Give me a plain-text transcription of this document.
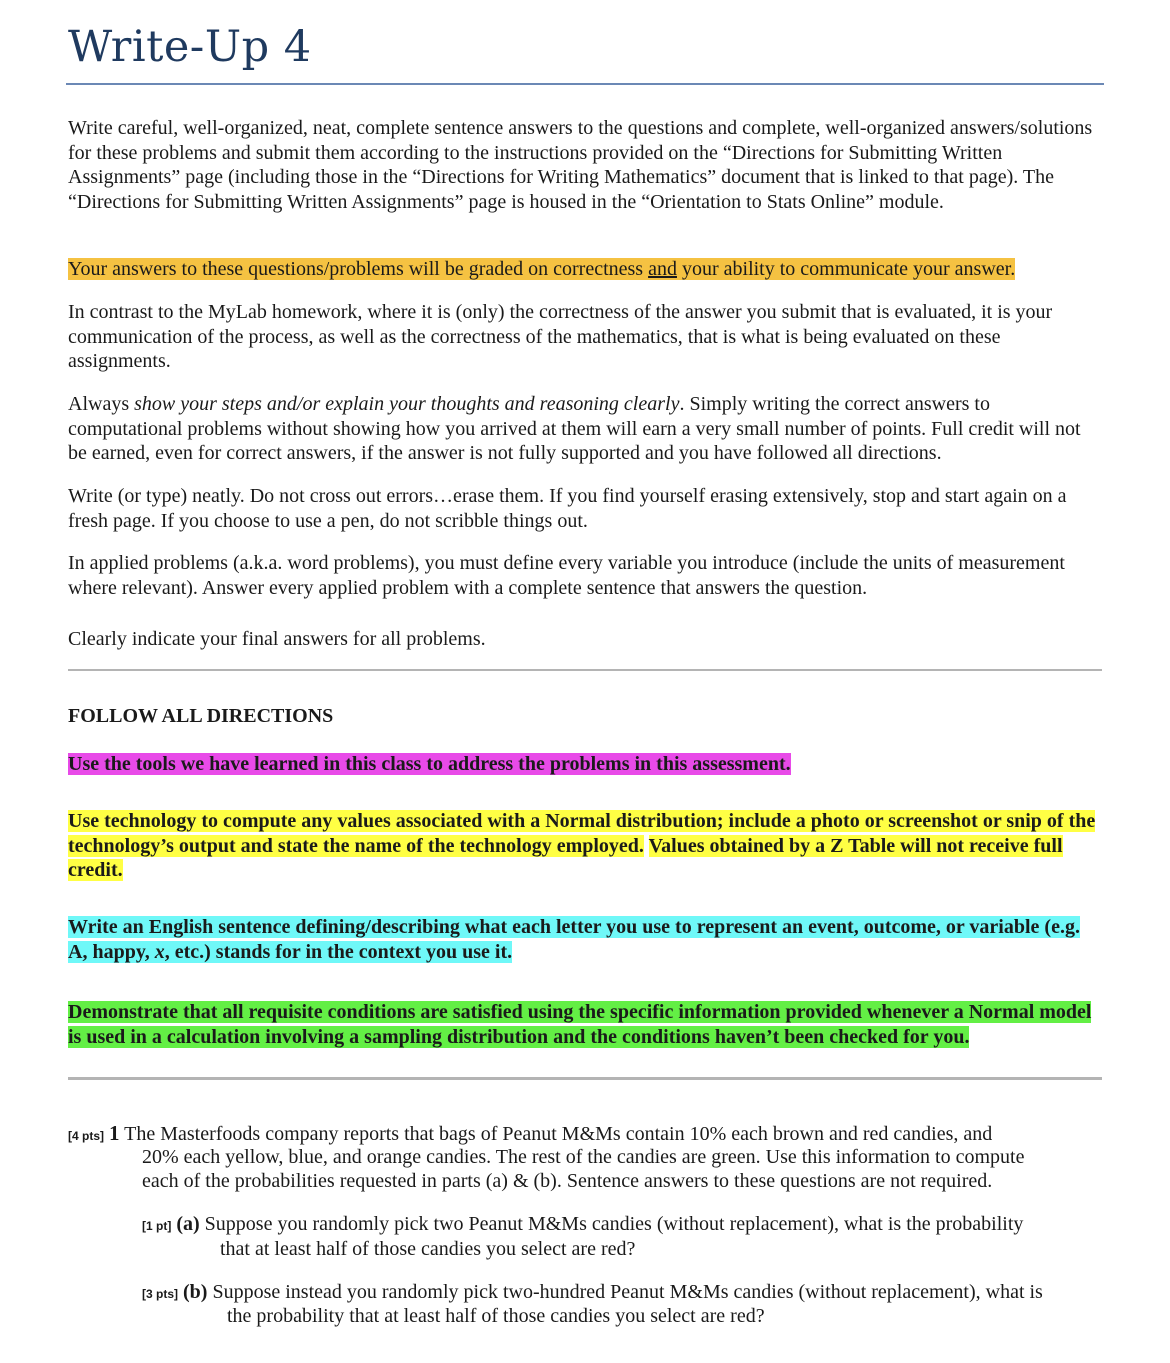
Write-Up 4

Write careful, well-organized, neat, complete sentence answers to the questions and complete, well-organized answers/solutions for these problems and submit them according to the instructions provided on the “Directions for Submitting Written Assignments” page (including those in the “Directions for Writing Mathematics” document that is linked to that page). The “Directions for Submitting Written Assignments” page is housed in the “Orientation to Stats Online” module.

Your answers to these questions/problems will be graded on correctness and your ability to communicate your answer.

In contrast to the MyLab homework, where it is (only) the correctness of the answer you submit that is evaluated, it is your communication of the process, as well as the correctness of the mathematics, that is what is being evaluated on these assignments.

Always show your steps and/or explain your thoughts and reasoning clearly. Simply writing the correct answers to computational problems without showing how you arrived at them will earn a very small number of points. Full credit will not be earned, even for correct answers, if the answer is not fully supported and you have followed all directions.

Write (or type) neatly. Do not cross out errors…erase them. If you find yourself erasing extensively, stop and start again on a fresh page. If you choose to use a pen, do not scribble things out.

In applied problems (a.k.a. word problems), you must define every variable you introduce (include the units of measurement where relevant). Answer every applied problem with a complete sentence that answers the question.

Clearly indicate your final answers for all problems.

FOLLOW ALL DIRECTIONS

Use the tools we have learned in this class to address the problems in this assessment.

Use technology to compute any values associated with a Normal distribution; include a photo or screenshot or snip of the technology’s output and state the name of the technology employed. Values obtained by a Z Table will not receive full credit.

Write an English sentence defining/describing what each letter you use to represent an event, outcome, or variable (e.g. A, happy, x, etc.) stands for in the context you use it.

Demonstrate that all requisite conditions are satisfied using the specific information provided whenever a Normal model is used in a calculation involving a sampling distribution and the conditions haven’t been checked for you.

[4 pts] 1 The Masterfoods company reports that bags of Peanut M&Ms contain 10% each brown and red candies, and

20% each yellow, blue, and orange candies. The rest of the candies are green. Use this information to compute

each of the probabilities requested in parts (a) & (b). Sentence answers to these questions are not required.

[1 pt] (a) Suppose you randomly pick two Peanut M&Ms candies (without replacement), what is the probability

that at least half of those candies you select are red?

[3 pts] (b) Suppose instead you randomly pick two-hundred Peanut M&Ms candies (without replacement), what is

the probability that at least half of those candies you select are red?
